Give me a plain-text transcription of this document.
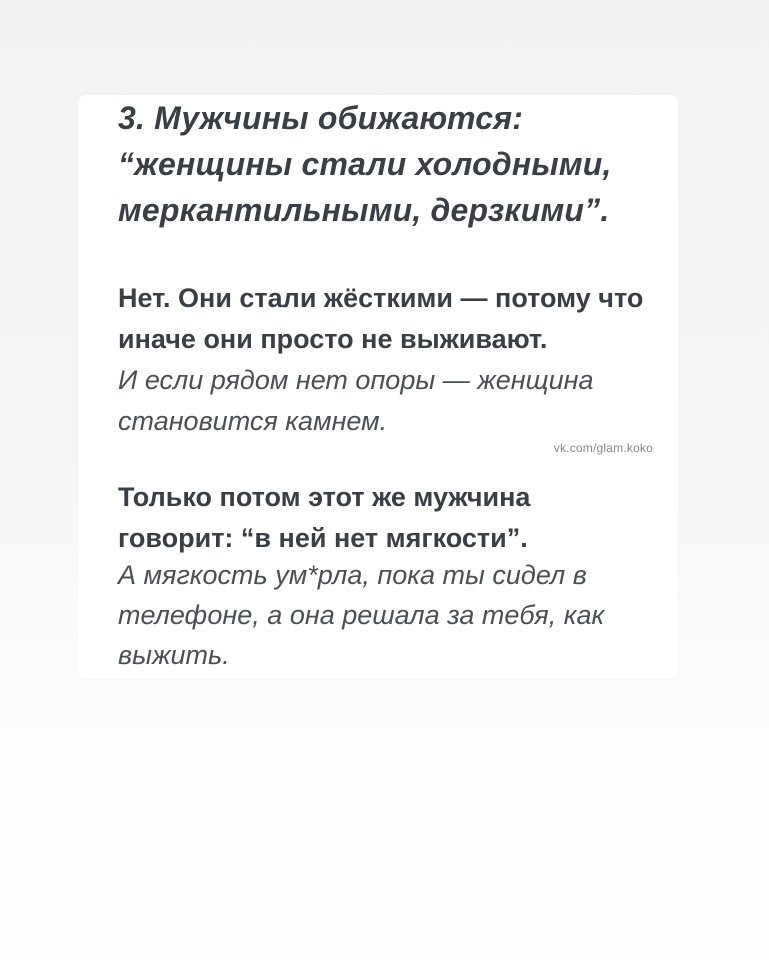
3. Мужчины обижаются:
“женщины стали холодными,
меркантильными, дерзкими”.
Нет. Они стали жёсткими — потому что
иначе они просто не выживают.
И если рядом нет опоры — женщина
становится камнем.
vk.com/glam.koko
Только потом этот же мужчина
говорит: “в ней нет мягкости”.
А мягкость ум*рла, пока ты сидел в
телефоне, а она решала за тебя, как
выжить.
